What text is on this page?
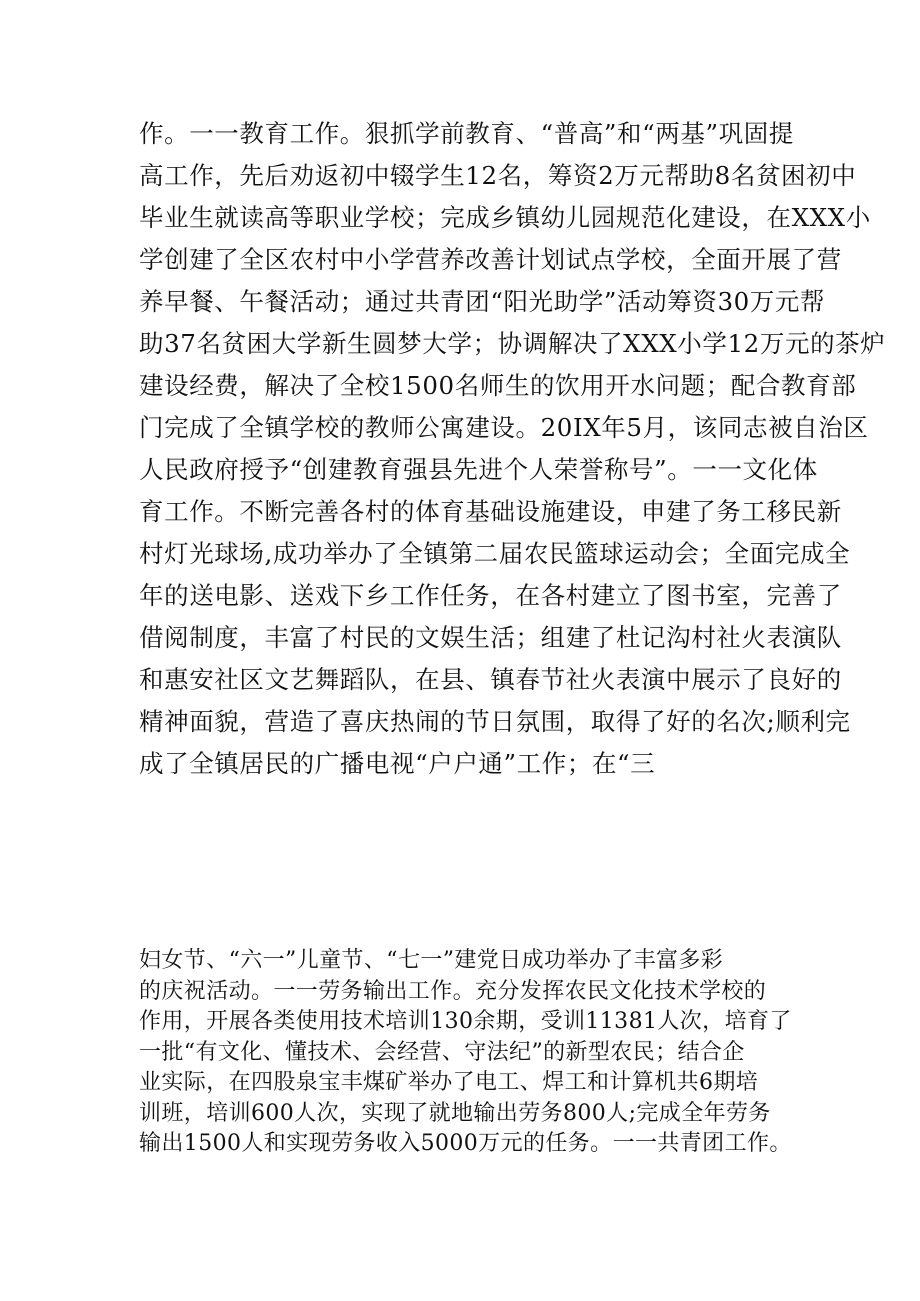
作。一一教育工作。狠抓学前教育、“普高”和“两基”巩固提
高工作，先后劝返初中辍学生12名，筹资2万元帮助8名贫困初中
毕业生就读高等职业学校；完成乡镇幼儿园规范化建设，在XXX小
学创建了全区农村中小学营养改善计划试点学校，全面开展了营
养早餐、午餐活动；通过共青团“阳光助学”活动筹资30万元帮
助37名贫困大学新生圆梦大学；协调解决了XXX小学12万元的茶炉
建设经费，解决了全校1500名师生的饮用开水问题；配合教育部
门完成了全镇学校的教师公寓建设。20IX年5月，该同志被自治区
人民政府授予“创建教育强县先进个人荣誉称号”。一一文化体
育工作。不断完善各村的体育基础设施建设，申建了务工移民新
村灯光球场,成功举办了全镇第二届农民篮球运动会；全面完成全
年的送电影、送戏下乡工作任务，在各村建立了图书室，完善了
借阅制度，丰富了村民的文娱生活；组建了杜记沟村社火表演队
和惠安社区文艺舞蹈队，在县、镇春节社火表演中展示了良好的
精神面貌，营造了喜庆热闹的节日氛围，取得了好的名次;顺利完
成了全镇居民的广播电视“户户通”工作；在“三
妇女节、“六一”儿童节、“七一”建党日成功举办了丰富多彩
的庆祝活动。一一劳务输出工作。充分发挥农民文化技术学校的
作用，开展各类使用技术培训130余期，受训11381人次，培育了
一批“有文化、懂技术、会经营、守法纪”的新型农民；结合企
业实际，在四股泉宝丰煤矿举办了电工、焊工和计算机共6期培
训班，培训600人次，实现了就地输出劳务800人;完成全年劳务
输出1500人和实现劳务收入5000万元的任务。一一共青团工作。
